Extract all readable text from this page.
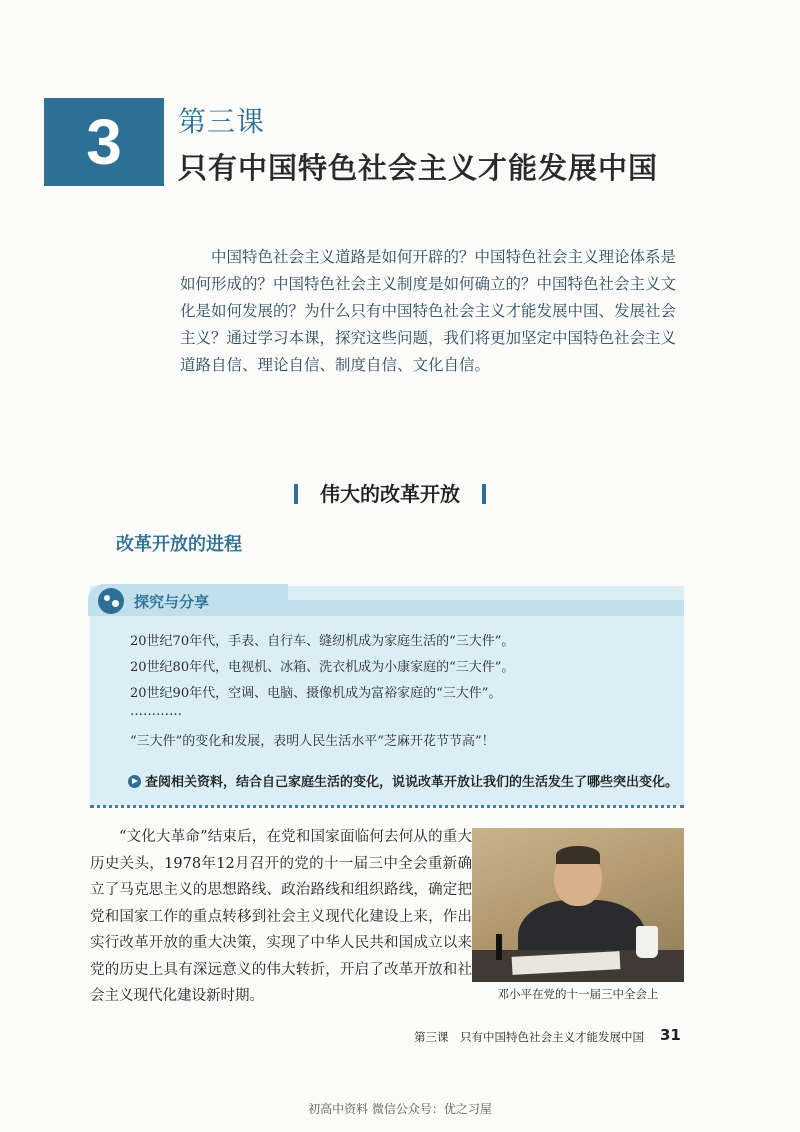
3	第三课
只有中国特色社会主义才能发展中国

中国特色社会主义道路是如何开辟的？中国特色社会主义理论体系是如何形成的？中国特色社会主义制度是如何确立的？中国特色社会主义文化是如何发展的？为什么只有中国特色社会主义才能发展中国、发展社会主义？通过学习本课，探究这些问题，我们将更加坚定中国特色社会主义道路自信、理论自信、制度自信、文化自信。

伟大的改革开放
改革开放的进程
探究与分享
20世纪70年代，手表、自行车、缝纫机成为家庭生活的“三大件”。
20世纪80年代，电视机、冰箱、洗衣机成为小康家庭的“三大件”。
20世纪90年代，空调、电脑、摄像机成为富裕家庭的“三大件”。
…………
“三大件”的变化和发展，表明人民生活水平“芝麻开花节节高”！
查阅相关资料，结合自己家庭生活的变化，说说改革开放让我们的生活发生了哪些突出变化。

“文化大革命”结束后，在党和国家面临何去何从的重大历史关头，1978年12月召开的党的十一届三中全会重新确立了马克思主义的思想路线、政治路线和组织路线，确定把党和国家工作的重点转移到社会主义现代化建设上来，作出实行改革开放的重大决策，实现了中华人民共和国成立以来党的历史上具有深远意义的伟大转折，开启了改革开放和社会主义现代化建设新时期。	邓小平在党的十一届三中全会上
第三课　只有中国特色社会主义才能发展中国 31
初高中资料 微信公众号：优之习屋
